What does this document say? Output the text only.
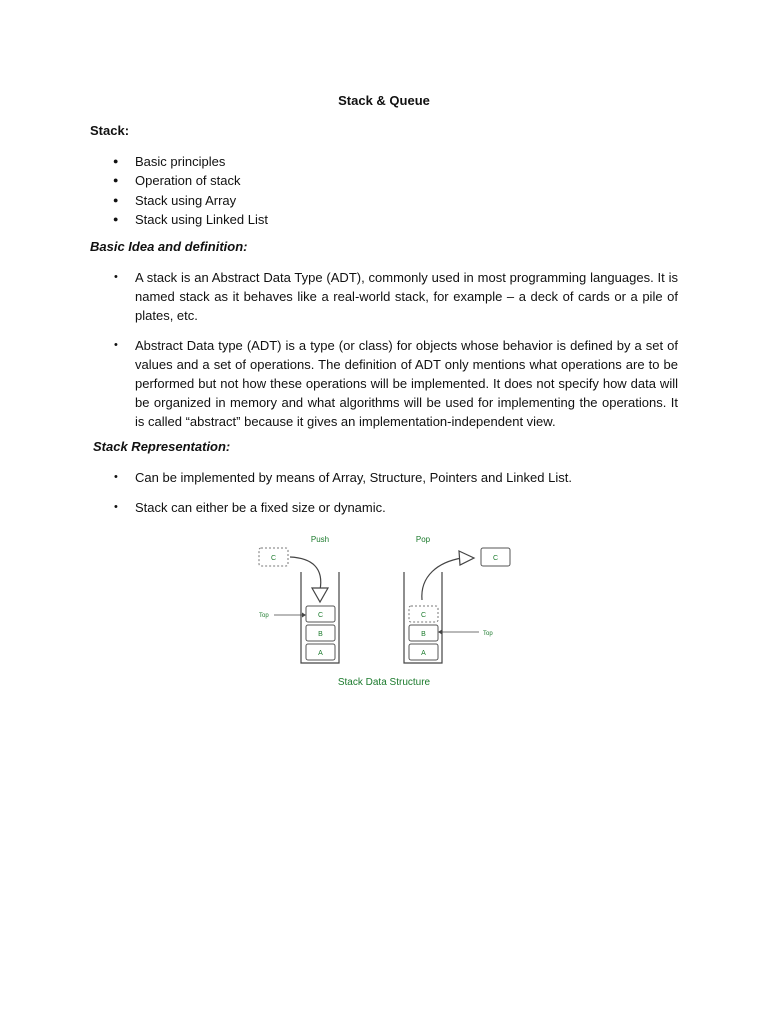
Stack & Queue
Stack:
● Basic principles
● Operation of stack
● Stack using Array
● Stack using Linked List
Basic Idea and definition:
• A stack is an Abstract Data Type (ADT), commonly used in most programming languages. It is named stack as it behaves like a real-world stack, for example – a deck of cards or a pile of plates, etc.
• Abstract Data type (ADT) is a type (or class) for objects whose behavior is defined by a set of values and a set of operations. The definition of ADT only mentions what operations are to be performed but not how these operations will be implemented. It does not specify how data will be organized in memory and what algorithms will be used for implementing the operations. It is called “abstract” because it gives an implementation-independent view.
Stack Representation:
• Can be implemented by means of Array, Structure, Pointers and Linked List.
• Stack can either be a fixed size or dynamic.
Push
C
C
B
A
Top
Pop
C
C
B
A
Top
Stack Data Structure
